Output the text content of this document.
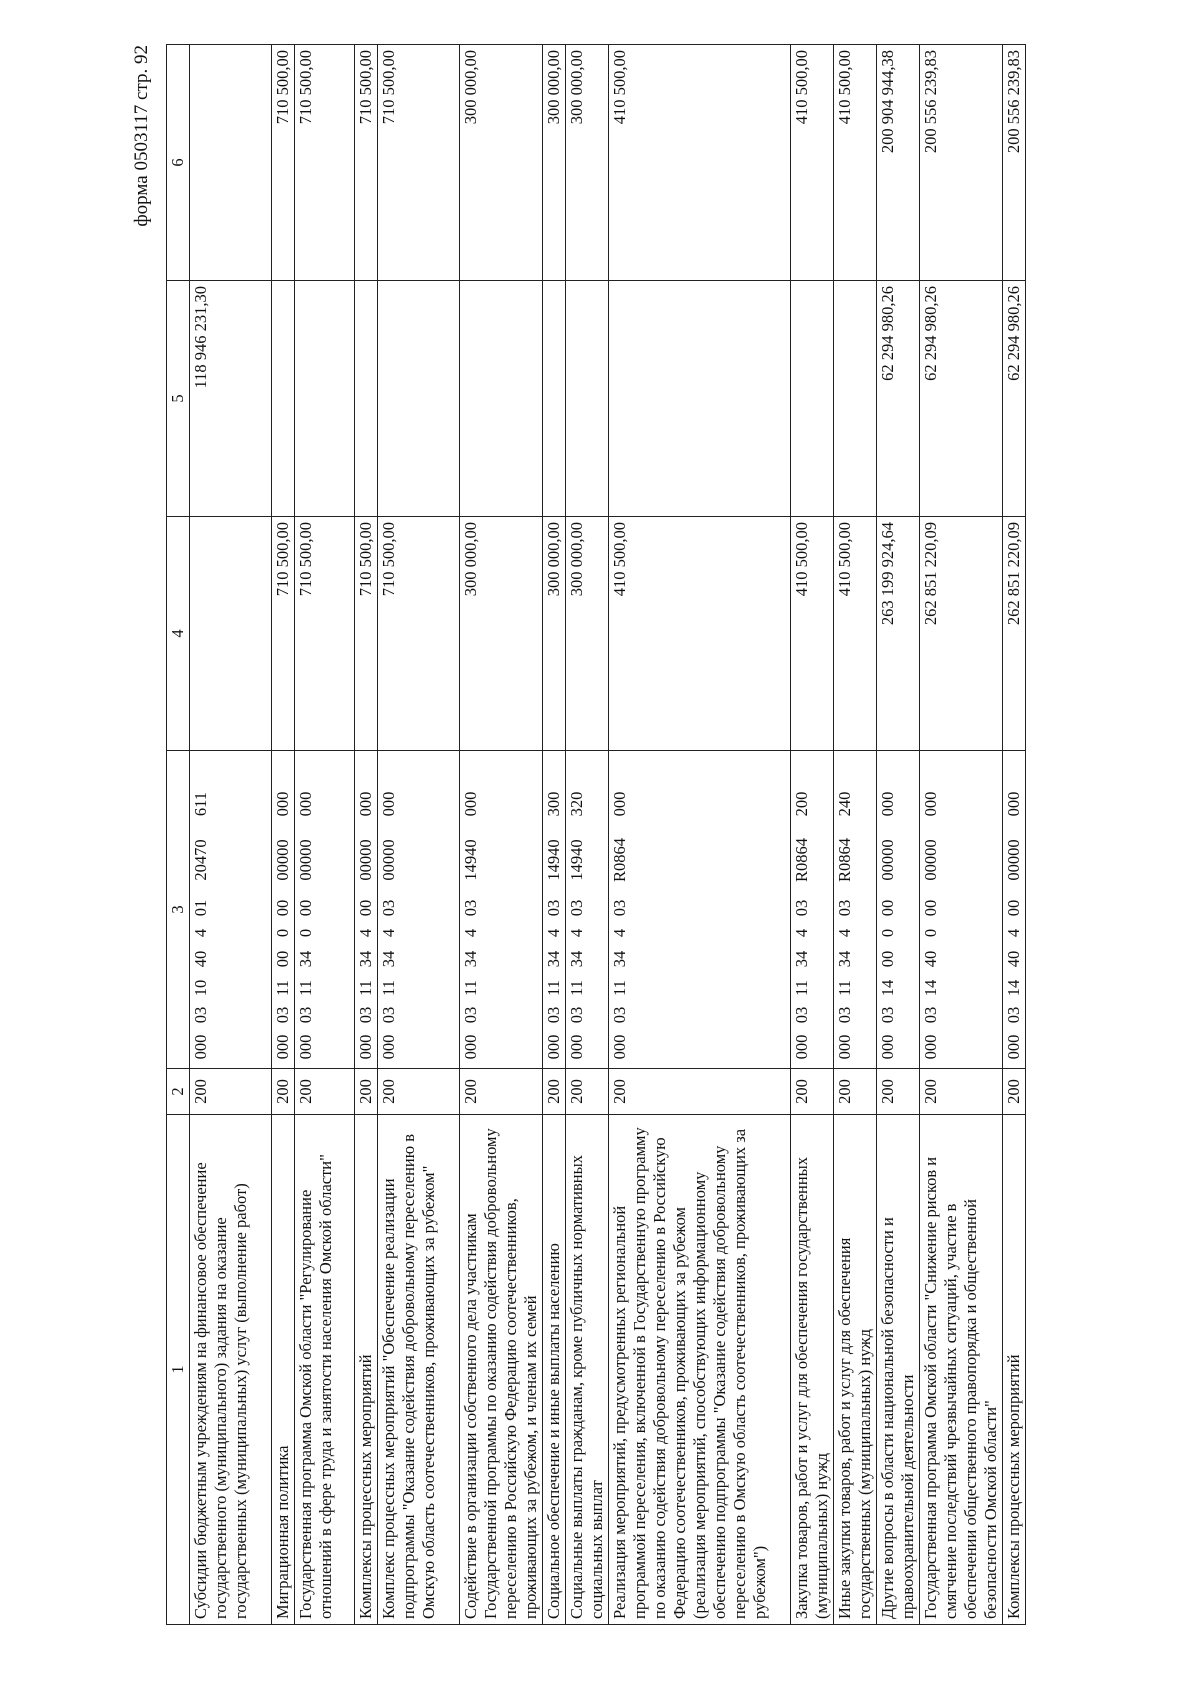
форма 0503117 стр. 92
1	2	3	4	5	6
Субсидии бюджетным учреждениям на финансовое обеспечение государственного (муниципального) задания на оказание государственных (муниципальных) услуг (выполнение работ)	200	00003104040120470611		118 946 231,30	
Миграционная политика	200	00003110000000000000	710 500,00		710 500,00
Государственная программа Омской области "Регулирование отношений в сфере труда и занятости населения Омской области"	200	00003113400000000000	710 500,00		710 500,00
Комплексы процессных мероприятий	200	00003113440000000000	710 500,00		710 500,00
Комплекс процессных мероприятий "Обеспечение реализации подпрограммы "Оказание содействия добровольному переселению в Омскую область соотечественников, проживающих за рубежом"	200	00003113440300000000	710 500,00		710 500,00
Содействие в организации собственного дела участникам Государственной программы по оказанию содействия добровольному переселению в Российскую Федерацию соотечественников, проживающих за рубежом, и членам их семей	200	00003113440314940000	300 000,00		300 000,00
Социальное обеспечение и иные выплаты населению	200	00003113440314940300	300 000,00		300 000,00
Социальные выплаты гражданам, кроме публичных нормативных социальных выплат	200	00003113440314940320	300 000,00		300 000,00
Реализация мероприятий, предусмотренных региональной программой переселения, включенной в Государственную программу по оказанию содействия добровольному переселению в Российскую Федерацию соотечественников, проживающих за рубежом (реализация мероприятий, способствующих информационному обеспечению подпрограммы "Оказание содействия добровольному переселению в Омскую область соотечественников, проживающих за рубежом")	200	000031134403R0864000	410 500,00		410 500,00
Закупка товаров, работ и услуг для обеспечения государственных (муниципальных) нужд	200	000031134403R0864200	410 500,00		410 500,00
Иные закупки товаров, работ и услуг для обеспечения государственных (муниципальных) нужд	200	000031134403R0864240	410 500,00		410 500,00
Другие вопросы в области национальной безопасности и правоохранительной деятельности	200	00003140000000000000	263 199 924,64	62 294 980,26	200 904 944,38
Государственная программа Омской области "Снижение рисков и смягчение последствий чрезвычайных ситуаций, участие в обеспечении общественного правопорядка и общественной безопасности Омской области"	200	00003144000000000000	262 851 220,09	62 294 980,26	200 556 239,83
Комплексы процессных мероприятий	200	00003144040000000000	262 851 220,09	62 294 980,26	200 556 239,83
